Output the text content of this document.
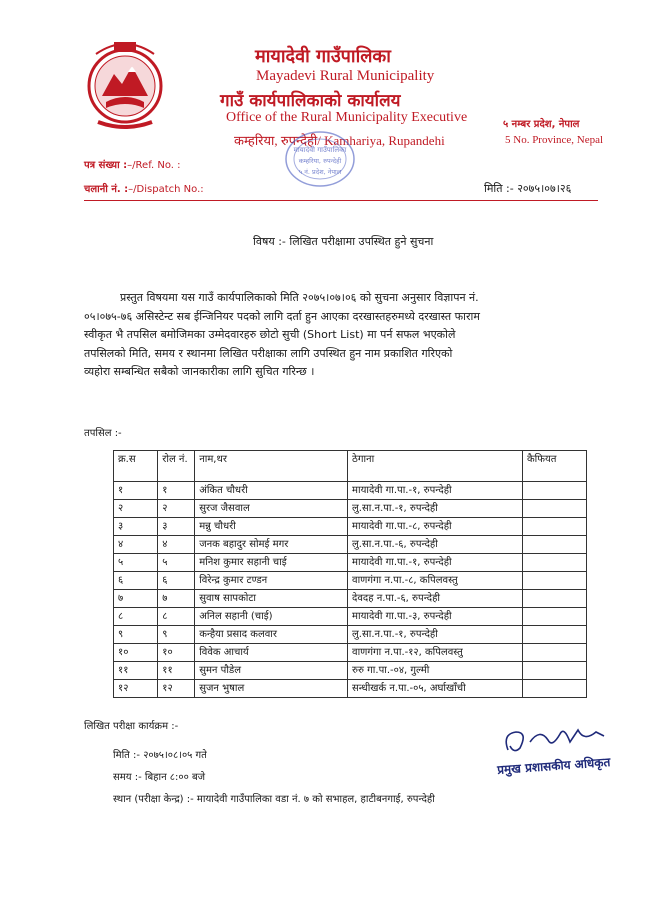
मायादेवी गाउँपालिका
Mayadevi Rural Municipality
गाउँ कार्यपालिकाको कार्यालय
Office of the Rural Municipality Executive
कम्हरिया, रुपन्देही/ Kamhariya, Rupandehi
५ नम्बर प्रदेश, नेपाल
5 No. Province, Nepal
मायादेवी गाउँपालिका
कम्हरिया, रुपन्देही
५ नं. प्रदेश, नेपाल
पत्र संख्या :–/Ref. No. :
चलानी नं. :–/Dispatch No.:	मिति :- २०७५।०७।२६
विषय :- लिखित परीक्षामा उपस्थित हुने सुचना
प्रस्तुत विषयमा यस गाउँ कार्यपालिकाको मिति २०७५।०७।०६ को सुचना अनुसार विज्ञापन नं.
०५।०७५-७६ असिस्टेन्ट सब ईन्जिनियर पदको लागि दर्ता हुन आएका दरखास्तहरुमध्ये दरखास्त फाराम
स्वीकृत भै तपसिल बमोजिमका उम्मेदवारहरु छोटो सुची (Short List) मा पर्न सफल भएकोले
तपसिलको मिति, समय र स्थानमा लिखित परीक्षाका लागि उपस्थित हुन नाम प्रकाशित गरिएको
व्यहोरा सम्बन्धित सबैको जानकारीका लागि सुचित गरिन्छ ।
तपसिल :-
क्र.स	रोल नं.	नाम,थर	ठेगाना	कैफियत
१	१	अंकित चौधरी	मायादेवी गा.पा.-१, रुपन्देही	
२	२	सुरज जैसवाल	लु.सा.न.पा.-१, रुपन्देही	
३	३	मन्नु चौधरी	मायादेवी गा.पा.-८, रुपन्देही	
४	४	जनक बहादुर सोमई मगर	लु.सा.न.पा.-६, रुपन्देही	
५	५	मनिश कुमार सहानी चाई	मायादेवी गा.पा.-१, रुपन्देही	
६	६	विरेन्द्र कुमार टण्डन	वाणगंगा न.पा.-८, कपिलवस्तु	
७	७	सुवाष सापकोटा	देवदह न.पा.-६, रुपन्देही	
८	८	अनिल सहानी (चाई)	मायादेवी गा.पा.-३, रुपन्देही	
९	९	कन्हैया प्रसाद कलवार	लु.सा.न.पा.-१, रुपन्देही	
१०	१०	विवेक आचार्य	वाणगंगा न.पा.-१२, कपिलवस्तु	
११	११	सुमन पौडेल	रुरु गा.पा.-०४, गुल्मी	
१२	१२	सुजन भुषाल	सन्धीखर्क न.पा.-०५, अर्घाखाँची	
लिखित परीक्षा कार्यक्रम :-
मिति :- २०७५।०८।०५ गते
समय :- बिहान ८:०० बजे
स्थान (परीक्षा केन्द्र) :- मायादेवी गाउँपालिका वडा नं. ७ को सभाहल, हाटीबनगाई, रुपन्देही
प्रमुख प्रशासकीय अधिकृत
